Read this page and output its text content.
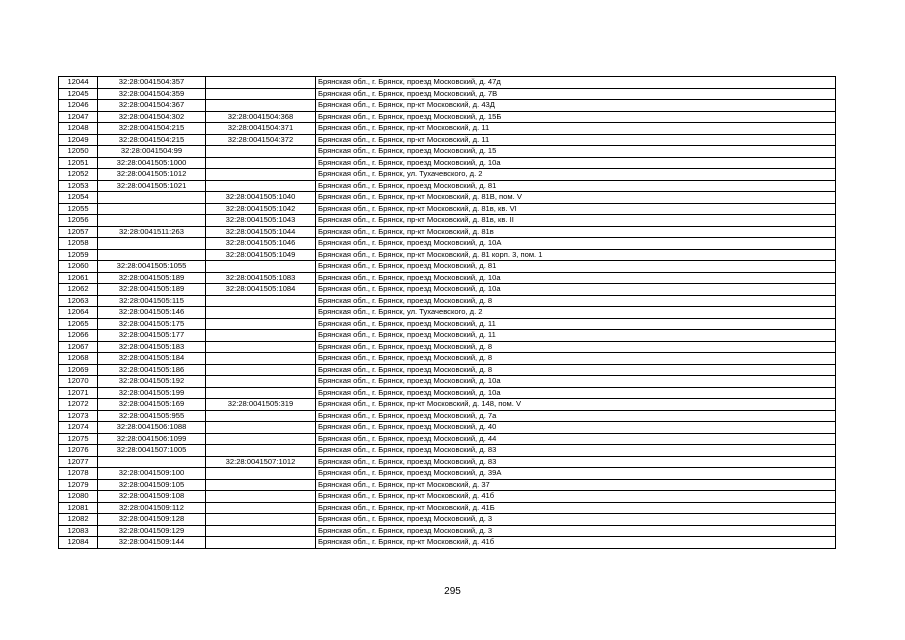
12044	32:28:0041504:357		Брянская обл., г. Брянск, проезд Московский, д. 47д
12045	32:28:0041504:359		Брянская обл., г. Брянск, проезд Московский, д. 7В
12046	32:28:0041504:367		Брянская обл., г. Брянск, пр-кт Московский, д. 43Д
12047	32:28:0041504:302	32:28:0041504:368	Брянская обл., г. Брянск, проезд Московский, д. 15Б
12048	32:28:0041504:215	32:28:0041504:371	Брянская обл., г. Брянск, пр-кт Московский, д. 11
12049	32:28:0041504:215	32:28:0041504:372	Брянская обл., г. Брянск, пр-кт Московский, д. 11
12050	32:28:0041504:99		Брянская обл., г. Брянск, проезд Московский, д. 15
12051	32:28:0041505:1000		Брянская обл., г. Брянск, проезд Московский, д. 10а
12052	32:28:0041505:1012		Брянская обл., г. Брянск, ул. Тухачевского, д. 2
12053	32:28:0041505:1021		Брянская обл., г. Брянск, проезд Московский, д. 81
12054		32:28:0041505:1040	Брянская обл., г. Брянск, пр-кт Московский, д. 81В, пом. V
12055		32:28:0041505:1042	Брянская обл., г. Брянск, пр-кт Московский, д. 81в, кв. VI
12056		32:28:0041505:1043	Брянская обл., г. Брянск, пр-кт Московский, д. 81в, кв. II
12057	32:28:0041511:263	32:28:0041505:1044	Брянская обл., г. Брянск, пр-кт Московский, д. 81в
12058		32:28:0041505:1046	Брянская обл., г. Брянск, проезд Московский, д. 10А
12059		32:28:0041505:1049	Брянская обл., г. Брянск, пр-кт Московский, д. 81 корп. 3, пом. 1
12060	32:28:0041505:1055		Брянская обл., г. Брянск, проезд Московский, д. 81
12061	32:28:0041505:189	32:28:0041505:1083	Брянская обл., г. Брянск, проезд Московский, д. 10а
12062	32:28:0041505:189	32:28:0041505:1084	Брянская обл., г. Брянск, проезд Московский, д. 10а
12063	32:28:0041505:115		Брянская обл., г. Брянск, проезд Московский, д. 8
12064	32:28:0041505:146		Брянская обл., г. Брянск, ул. Тухачевского, д. 2
12065	32:28:0041505:175		Брянская обл., г. Брянск, проезд Московский, д. 11
12066	32:28:0041505:177		Брянская обл., г. Брянск, проезд Московский, д. 11
12067	32:28:0041505:183		Брянская обл., г. Брянск, проезд Московский, д. 8
12068	32:28:0041505:184		Брянская обл., г. Брянск, проезд Московский, д. 8
12069	32:28:0041505:186		Брянская обл., г. Брянск, проезд Московский, д. 8
12070	32:28:0041505:192		Брянская обл., г. Брянск, проезд Московский, д. 10а
12071	32:28:0041505:199		Брянская обл., г. Брянск, проезд Московский, д. 10а
12072	32:28:0041505:169	32:28:0041505:319	Брянская обл., г. Брянск, пр-кт Московский, д. 148, пом. V
12073	32:28:0041505:955		Брянская обл., г. Брянск, проезд Московский, д. 7а
12074	32:28:0041506:1088		Брянская обл., г. Брянск, проезд Московский, д. 40
12075	32:28:0041506:1099		Брянская обл., г. Брянск, проезд Московский, д. 44
12076	32:28:0041507:1005		Брянская обл., г. Брянск, проезд Московский, д. 83
12077		32:28:0041507:1012	Брянская обл., г. Брянск, проезд Московский, д. 83
12078	32:28:0041509:100		Брянская обл., г. Брянск, проезд Московский, д. 39А
12079	32:28:0041509:105		Брянская обл., г. Брянск, пр-кт Московский, д. 37
12080	32:28:0041509:108		Брянская обл., г. Брянск, пр-кт Московский, д. 41б
12081	32:28:0041509:112		Брянская обл., г. Брянск, пр-кт Московский, д. 41Б
12082	32:28:0041509:128		Брянская обл., г. Брянск, проезд Московский, д. 3
12083	32:28:0041509:129		Брянская обл., г. Брянск, проезд Московский, д. 3
12084	32:28:0041509:144		Брянская обл., г. Брянск, пр-кт Московский, д. 41б
295
